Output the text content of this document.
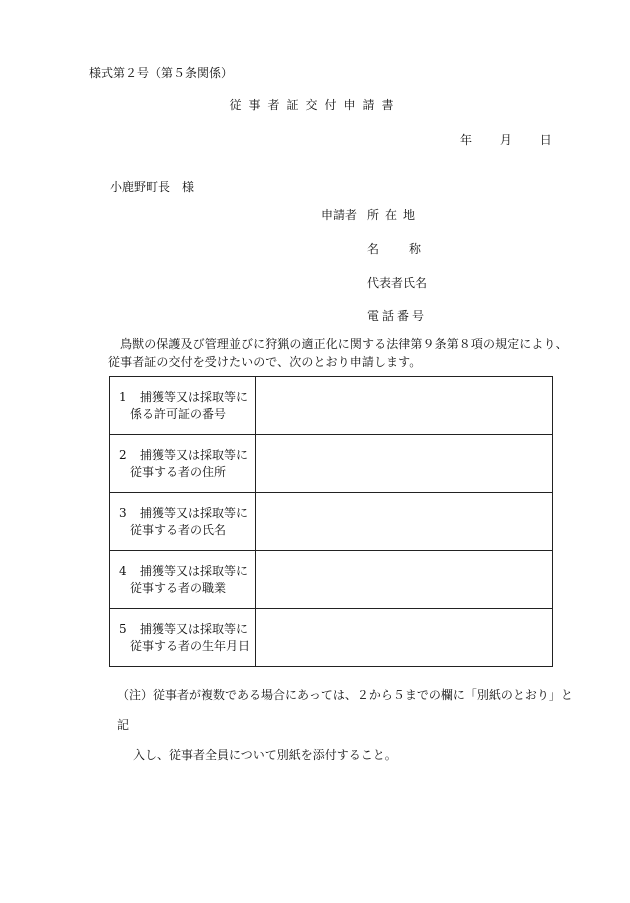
様式第２号（第５条関係）
従事者証交付申請書
年 月 日
小鹿野町長　様
申請者 所在地
名称
代表者氏名
電話番号
鳥獣の保護及び管理並びに狩猟の適正化に関する法律第９条第８項の規定により、従事者証の交付を受けたいので、次のとおり申請します。
1 捕獲等又は採取等に
係る許可証の番号	

2 捕獲等又は採取等に
従事する者の住所	

3 捕獲等又は採取等に
従事する者の氏名	

4 捕獲等又は採取等に
従事する者の職業	

5 捕獲等又は採取等に
従事する者の生年月日	

（注）従事者が複数である場合にあっては、２から５までの欄に「別紙のとおり」と記
入し、従事者全員について別紙を添付すること。
